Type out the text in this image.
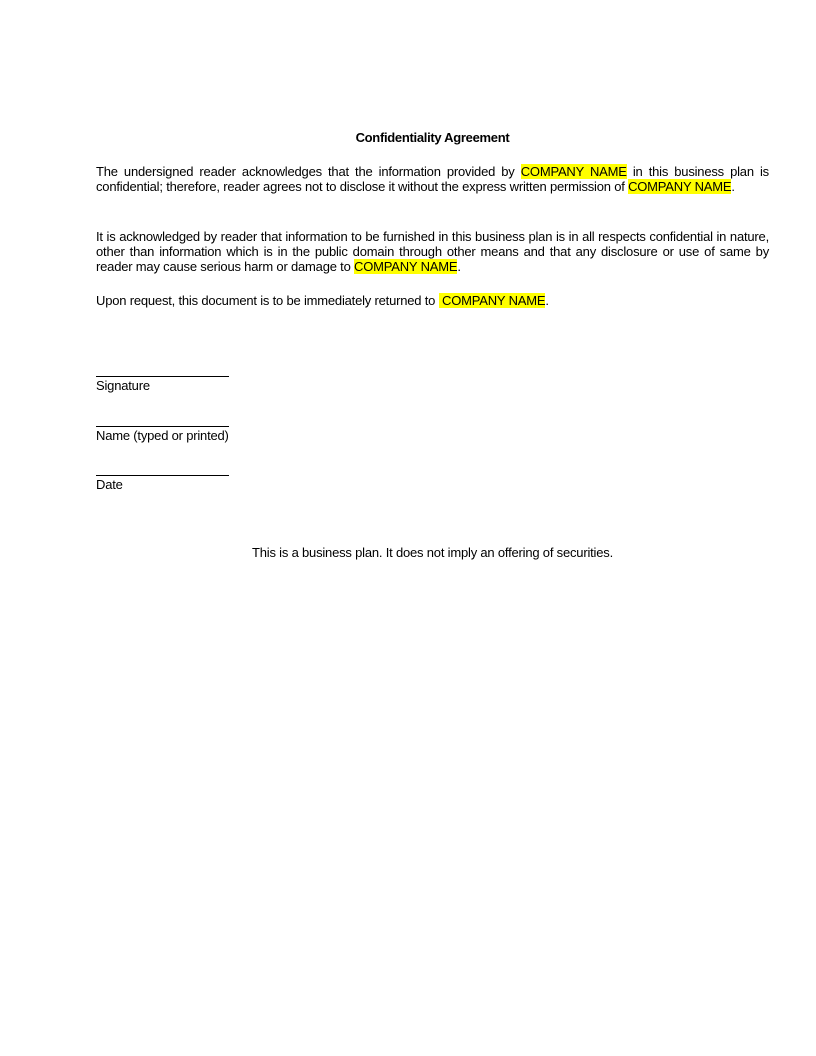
Confidentiality Agreement
The undersigned reader acknowledges that the information provided by COMPANY NAME in this business plan is confidential; therefore, reader agrees not to disclose it without the express written permission of COMPANY NAME.
It is acknowledged by reader that information to be furnished in this business plan is in all respects confidential in nature, other than information which is in the public domain through other means and that any disclosure or use of same by reader may cause serious harm or damage to COMPANY NAME.
Upon request, this document is to be immediately returned to  COMPANY NAME.
Signature
Name (typed or printed)
Date
This is a business plan. It does not imply an offering of securities.
